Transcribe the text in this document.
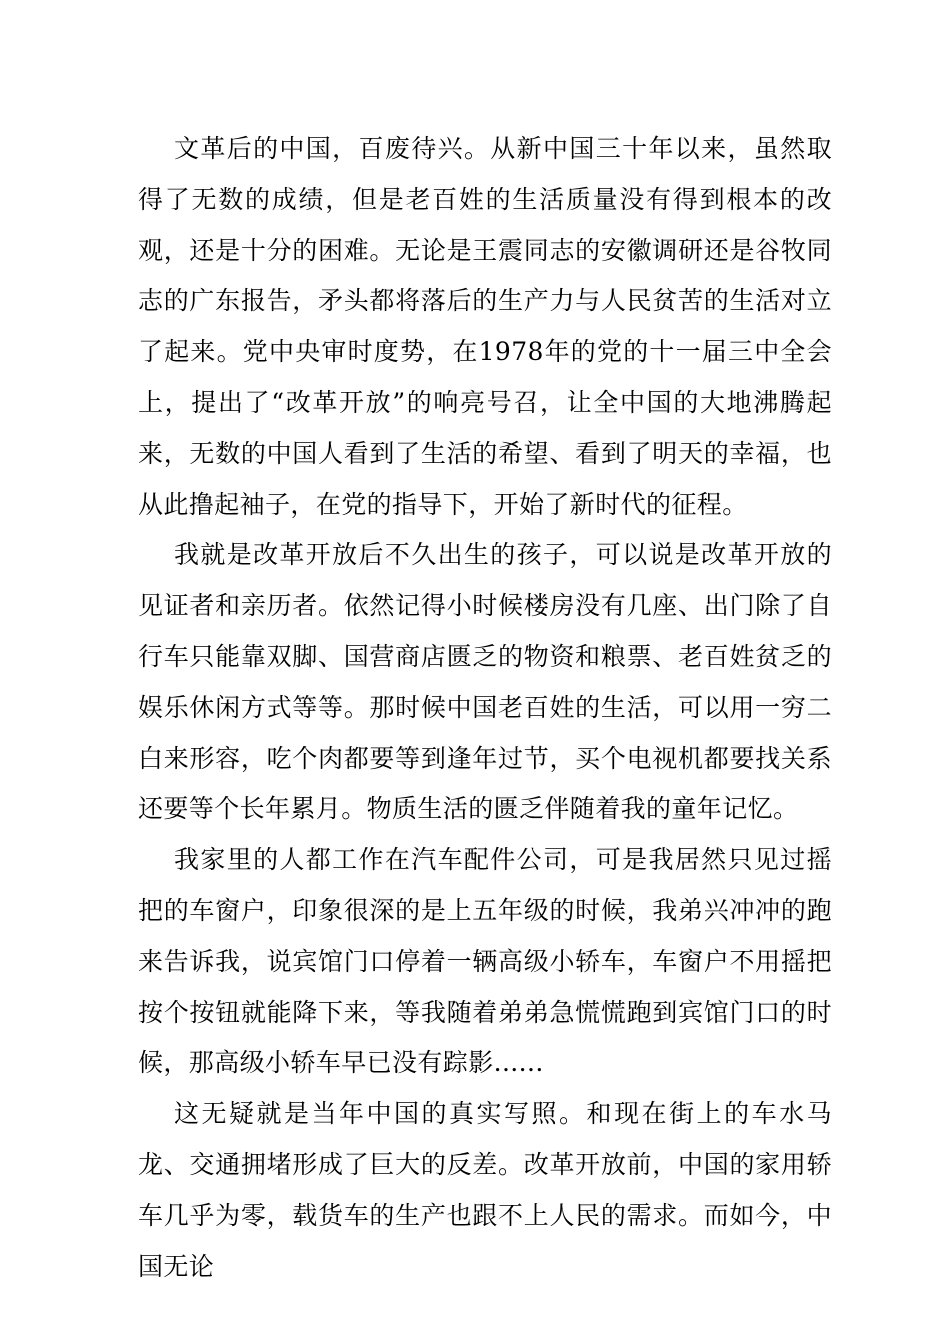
文革后的中国，百废待兴。从新中国三十年以来，虽然取得了无数的成绩，但是老百姓的生活质量没有得到根本的改观，还是十分的困难。无论是王震同志的安徽调研还是谷牧同志的广东报告，矛头都将落后的生产力与人民贫苦的生活对立了起来。党中央审时度势，在1978年的党的十一届三中全会上，提出了“改革开放”的响亮号召，让全中国的大地沸腾起来，无数的中国人看到了生活的希望、看到了明天的幸福，也从此撸起袖子，在党的指导下，开始了新时代的征程。

我就是改革开放后不久出生的孩子，可以说是改革开放的见证者和亲历者。依然记得小时候楼房没有几座、出门除了自行车只能靠双脚、国营商店匮乏的物资和粮票、老百姓贫乏的娱乐休闲方式等等。那时候中国老百姓的生活，可以用一穷二白来形容，吃个肉都要等到逢年过节，买个电视机都要找关系还要等个长年累月。物质生活的匮乏伴随着我的童年记忆。

我家里的人都工作在汽车配件公司，可是我居然只见过摇把的车窗户，印象很深的是上五年级的时候，我弟兴冲冲的跑来告诉我，说宾馆门口停着一辆高级小轿车，车窗户不用摇把按个按钮就能降下来，等我随着弟弟急慌慌跑到宾馆门口的时候，那高级小轿车早已没有踪影......

这无疑就是当年中国的真实写照。和现在街上的车水马龙、交通拥堵形成了巨大的反差。改革开放前，中国的家用轿车几乎为零，载货车的生产也跟不上人民的需求。而如今，中国无论
